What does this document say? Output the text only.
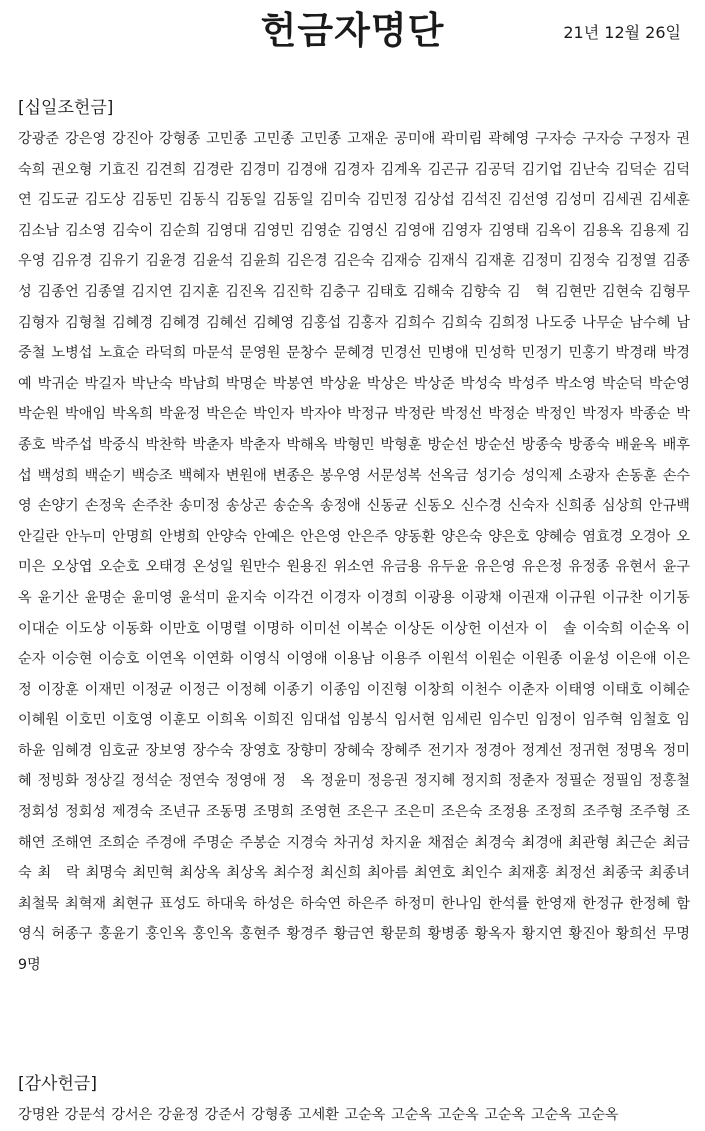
헌금자명단	21년 12월 26일
[십일조헌금]

강광준 강은영 강진아 강형종 고민종 고민종 고민종 고재운 공미애 곽미림 곽혜영 구자승 구자승 구정자 권숙희 권오형 기효진 김견희 김경란 김경미 김경애 김경자 김계옥 김곤규 김공덕 김기업 김난숙 김덕순 김덕연 김도균 김도상 김동민 김동식 김동일 김동일 김미숙 김민정 김상섭 김석진 김선영 김성미 김세권 김세훈 김소남 김소영 김숙이 김순희 김영대 김영민 김영순 김영신 김영애 김영자 김영태 김옥이 김용옥 김용제 김우영 김유경 김유기 김윤경 김윤석 김윤희 김은경 김은숙 김재승 김재식 김재훈 김정미 김정숙 김정열 김종성 김종언 김종열 김지연 김지훈 김진옥 김진학 김충구 김태호 김해숙 김향숙 김　혁 김현만 김현숙 김형무 김형자 김형철 김혜경 김혜경 김혜선 김혜영 김홍섭 김홍자 김희수 김희숙 김희정 나도중 나무순 남수혜 남중철 노병섭 노효순 라덕희 마문석 문영원 문창수 문혜경 민경선 민병애 민성학 민정기 민홍기 박경래 박경예 박귀순 박길자 박난숙 박남희 박명순 박봉연 박상윤 박상은 박상준 박성숙 박성주 박소영 박순덕 박순영 박순원 박애임 박옥희 박윤정 박은순 박인자 박자야 박정규 박정란 박정선 박정순 박정인 박정자 박종순 박종호 박주섭 박중식 박찬학 박춘자 박춘자 박해옥 박형민 박형훈 방순선 방순선 방종숙 방종숙 배윤옥 배후섭 백성희 백순기 백승조 백혜자 변원애 변종은 봉우영 서문성복 선옥금 성기승 성익제 소광자 손동훈 손수영 손양기 손정욱 손주찬 송미정 송상곤 송순옥 송정애 신동균 신동오 신수경 신숙자 신희종 심상희 안규백 안길란 안누미 안명희 안병희 안양숙 안예은 안은영 안은주 양동환 양은숙 양은호 양혜승 염효경 오경아 오미은 오상엽 오순호 오태경 온성일 원만수 원용진 위소연 유금용 유두윤 유은영 유은정 유정종 유현서 윤구옥 윤기산 윤명순 윤미영 윤석미 윤지숙 이각건 이경자 이경희 이광용 이광채 이권재 이규원 이규찬 이기동 이대순 이도상 이동화 이만호 이명렬 이명하 이미선 이복순 이상돈 이상헌 이선자 이　솔 이숙희 이순옥 이순자 이승현 이승호 이연옥 이연화 이영식 이영애 이용남 이용주 이원석 이원순 이원종 이윤성 이은애 이은정 이장훈 이재민 이정균 이정근 이정혜 이종기 이종임 이진형 이창희 이천수 이춘자 이태영 이태호 이혜순 이혜원 이호민 이호영 이훈모 이희옥 이희진 임대섭 임봉식 임서현 임세린 임수민 임정이 임주혁 임철호 임하윤 임혜경 임호균 장보영 장수숙 장영호 장향미 장혜숙 장혜주 전기자 정경아 정계선 정귀현 정명옥 정미혜 정빙화 정상길 정석순 정연숙 정영애 정　옥 정윤미 정응권 정지혜 정지희 정춘자 정필순 정필임 정홍철 정회성 정회성 제경숙 조년규 조동명 조명희 조영현 조은구 조은미 조은숙 조정용 조정희 조주형 조주형 조해연 조해연 조희순 주경애 주명순 주봉순 지경숙 차귀성 차지윤 채점순 최경숙 최경애 최관형 최근순 최금숙 최　락 최명숙 최민혁 최상옥 최상옥 최수정 최신희 최아름 최연호 최인수 최재홍 최정선 최종국 최종녀 최철묵 최혁재 최현규 표성도 하대욱 하성은 하숙연 하은주 하정미 한나임 한석률 한영재 한정규 한정혜 함영식 허종구 홍윤기 홍인옥 홍인옥 홍현주 황경주 황금연 황문희 황병종 황옥자 황지연 황진아 황희선 무명9명

[감사헌금]

강명완 강문석 강서은 강윤정 강준서 강형종 고세환 고순옥 고순옥 고순옥 고순옥 고순옥 고순옥
